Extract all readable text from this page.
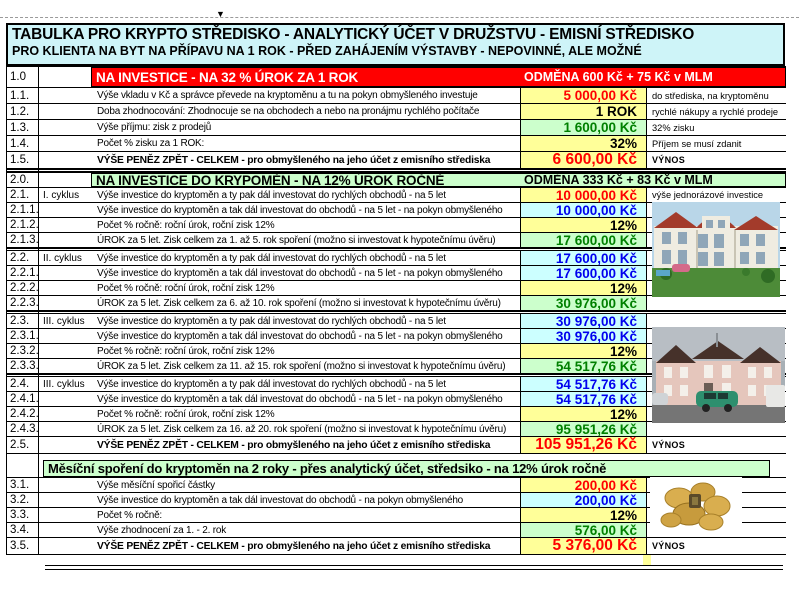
▼
TABULKA PRO KRYPTO STŘEDISKO - ANALYTICKÝ ÚČET V DRUŽSTVU - EMISNÍ STŘEDISKO
PRO KLIENTA NA BYT NA PŘÍPAVU NA 1 ROK - PŘED ZAHÁJENÍM VÝSTAVBY - NEPOVINNÉ, ALE MOŽNÉ
1.0	NA INVESTICE - NA 32 % ÚROK ZA 1 ROK	ODMĚNA 600 Kč + 75 Kč v MLM
1.1.	Výše vkladu v Kč a správce převede na kryptoměnu a tu na pokyn obmyšleného investuje	5 000,00 Kč	do střediska, na kryptoměnu
1.2.	Doba zhodnocování: Zhodnocuje se na obchodech a nebo na pronájmu rychlého počítače	1 ROK	rychlé nákupy a rychlé prodeje
1.3.	Výše příjmu: zisk z prodejů	1 600,00 Kč	32% zisku
1.4.	Počet % zisku za 1 ROK:	32%	Příjem se musí zdanit
1.5.	VÝŠE PENĚZ ZPĚT - CELKEM - pro obmyšleného na jeho účet z emisního střediska	6 600,00 Kč	VÝNOS
2.0.	NA INVESTICE DO KRYPOMĚN - NA 12% ÚROK ROČNĚ	ODMĚNA 333 Kč + 83 Kč v MLM
2.1.	I. cyklus	Výše investice do kryptoměn a ty pak dál investovat do rychlých obchodů - na 5 let	10 000,00 Kč	výše jednorázové investice
2.1.1.	Výše investice do kryptoměn a tak dál investovat do obchodů - na 5 let - na pokyn obmyšleného	10 000,00 Kč
2.1.2.	Počet % ročně: roční úrok, roční zisk 12%	12%
2.1.3.	ÚROK za 5 let. Zisk celkem za 1. až 5. rok spoření (možno si investovat k hypotečnímu úvěru)	17 600,00 Kč
2.2.	II. cyklus	Výše investice do kryptoměn a ty pak dál investovat do rychlých obchodů - na 5 let	17 600,00 Kč
2.2.1.	Výše investice do kryptoměn a tak dál investovat do obchodů - na 5 let - na pokyn obmyšleného	17 600,00 Kč
2.2.2.	Počet % ročně: roční úrok, roční zisk 12%	12%
2.2.3.	ÚROK za 5 let. Zisk celkem za 6. až 10. rok spoření (možno si investovat k hypotečnímu úvěru)	30 976,00 Kč
2.3.	III. cyklus	Výše investice do kryptoměn a ty pak dál investovat do rychlých obchodů - na 5 let	30 976,00 Kč
2.3.1.	Výše investice do kryptoměn a tak dál investovat do obchodů - na 5 let - na pokyn obmyšleného	30 976,00 Kč
2.3.2.	Počet % ročně: roční úrok, roční zisk 12%	12%
2.3.3.	ÚROK za 5 let. Zisk celkem za 11. až 15. rok spoření (možno si investovat k hypotečnímu úvěru)	54 517,76 Kč
2.4.	III. cyklus	Výše investice do kryptoměn a ty pak dál investovat do rychlých obchodů - na 5 let	54 517,76 Kč
2.4.1.	Výše investice do kryptoměn a tak dál investovat do obchodů - na 5 let - na pokyn obmyšleného	54 517,76 Kč
2.4.2.	Počet % ročně: roční úrok, roční zisk 12%	12%
2.4.3.	ÚROK za 5 let. Zisk celkem za 16. až 20. rok spoření (možno si investovat k hypotečnímu úvěru)	95 951,26 Kč
2.5.	VÝŠE PENĚZ ZPĚT - CELKEM - pro obmyšleného na jeho účet z emisního střediska	105 951,26 Kč	VÝNOS
Měsíční spoření do kryptoměn na 2 roky - přes analytický účet, středsiko - na 12% úrok ročně
3.1.	Výše měsíční spořicí částky	200,00 Kč
3.2.	Výše investice do kryptoměn a tak dál investovat do obchodů - na pokyn obmyšleného	200,00 Kč
3.3.	Počet % ročně:	12%
3.4.	Výše zhodnocení za 1. - 2. rok	576,00 Kč
3.5.	VÝŠE PENĚZ ZPĚT - CELKEM - pro obmyšleného na jeho účet z emisního střediska	5 376,00 Kč	VÝNOS
